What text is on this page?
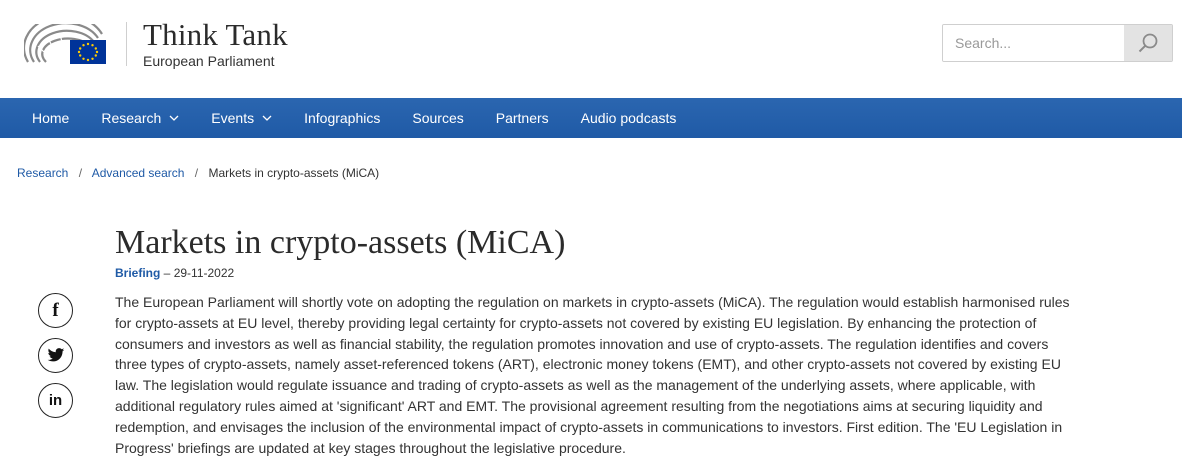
Think Tank
European Parliament
Search...
Home Research	Events	Infographics Sources Partners Audio podcasts
Research / Advanced search / Markets in crypto-assets (MiCA)
f
in
Markets in crypto-assets (MiCA)
Briefing – 29-11-2022

The European Parliament will shortly vote on adopting the regulation on markets in crypto-assets (MiCA). The regulation would establish harmonised rules for crypto-assets at EU level, thereby providing legal certainty for crypto-assets not covered by existing EU legislation. By enhancing the protection of consumers and investors as well as financial stability, the regulation promotes innovation and use of crypto-assets. The regulation identifies and covers three types of crypto-assets, namely asset-referenced tokens (ART), electronic money tokens (EMT), and other crypto-assets not covered by existing EU law. The legislation would regulate issuance and trading of crypto-assets as well as the management of the underlying assets, where applicable, with additional regulatory rules aimed at 'significant' ART and EMT. The provisional agreement resulting from the negotiations aims at securing liquidity and redemption, and envisages the inclusion of the environmental impact of crypto-assets in communications to investors. First edition. The 'EU Legislation in Progress' briefings are updated at key stages throughout the legislative procedure.
